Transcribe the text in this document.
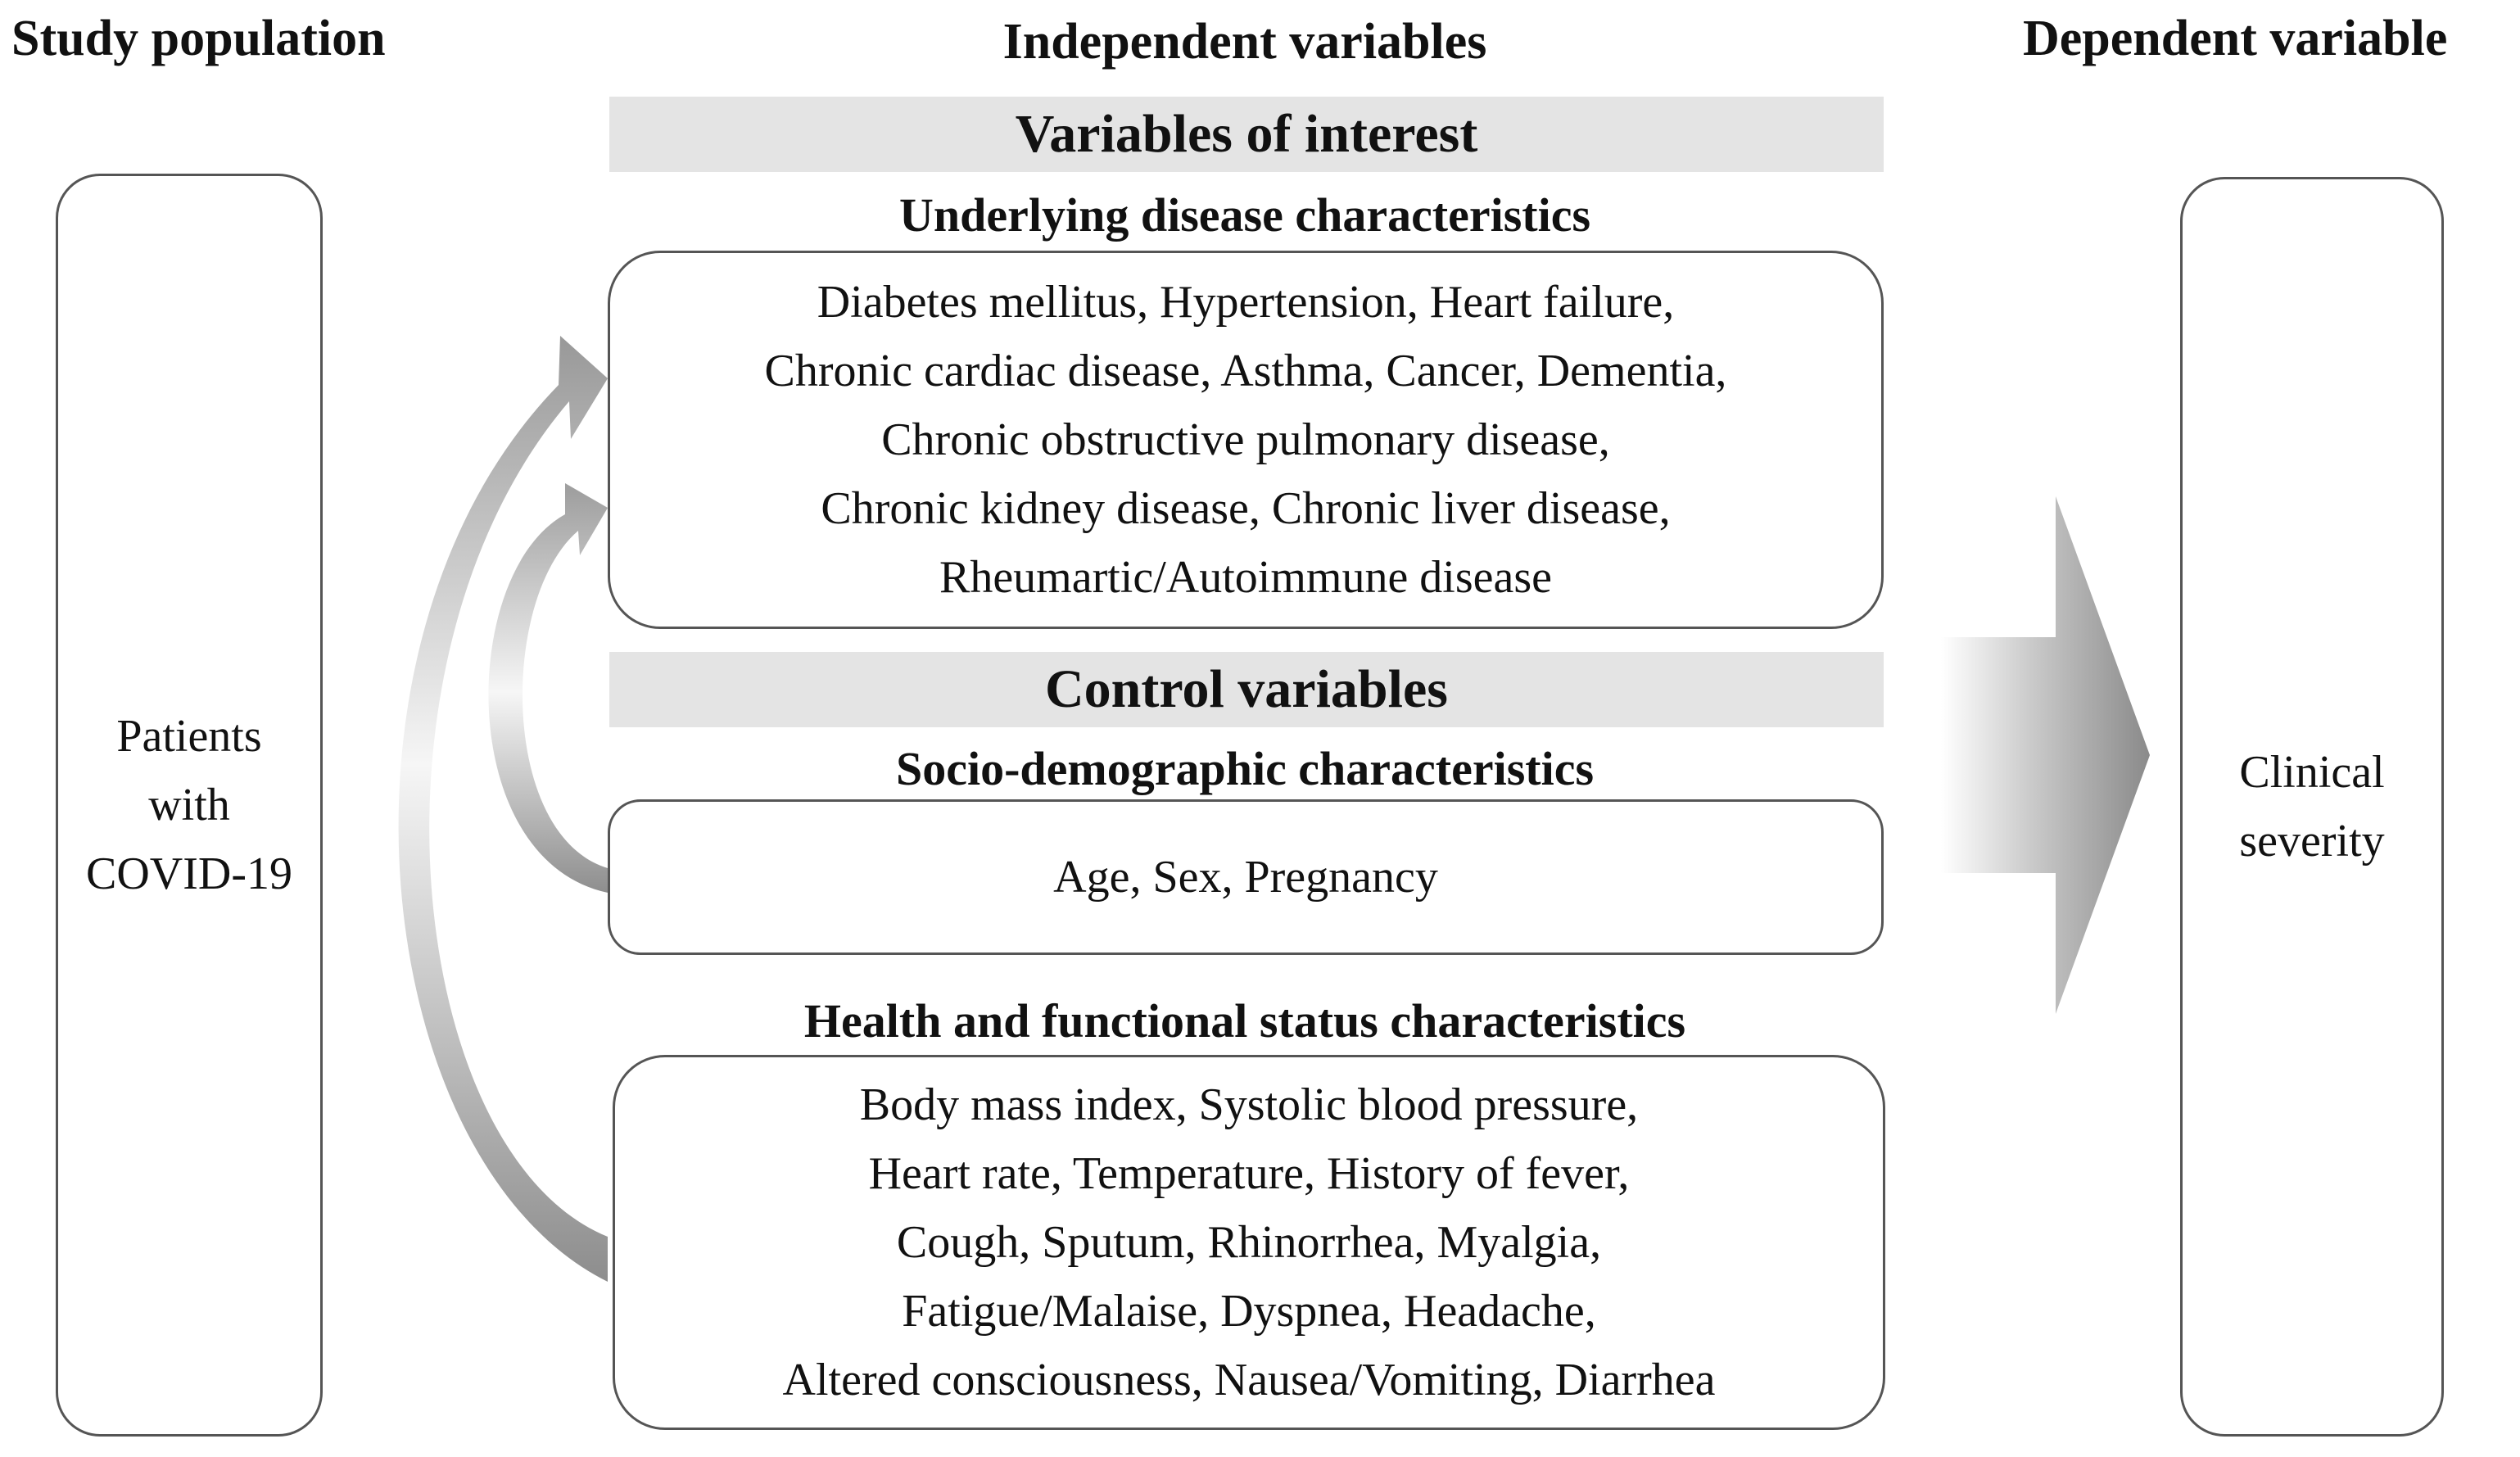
Study population	Independent variables	Dependent variable
Patients
with
COVID-19
Variables of interest
Underlying disease characteristics
Diabetes mellitus, Hypertension, Heart failure,
Chronic cardiac disease, Asthma, Cancer, Dementia,
Chronic obstructive pulmonary disease,
Chronic kidney disease, Chronic liver disease,
Rheumartic/Autoimmune disease
Control variables
Socio-demographic characteristics
Age, Sex, Pregnancy
Health and functional status characteristics
Body mass index, Systolic blood pressure,
Heart rate, Temperature, History of fever,
Cough, Sputum, Rhinorrhea, Myalgia,
Fatigue/Malaise, Dyspnea, Headache,
Altered consciousness, Nausea/Vomiting, Diarrhea
Clinical
severity
